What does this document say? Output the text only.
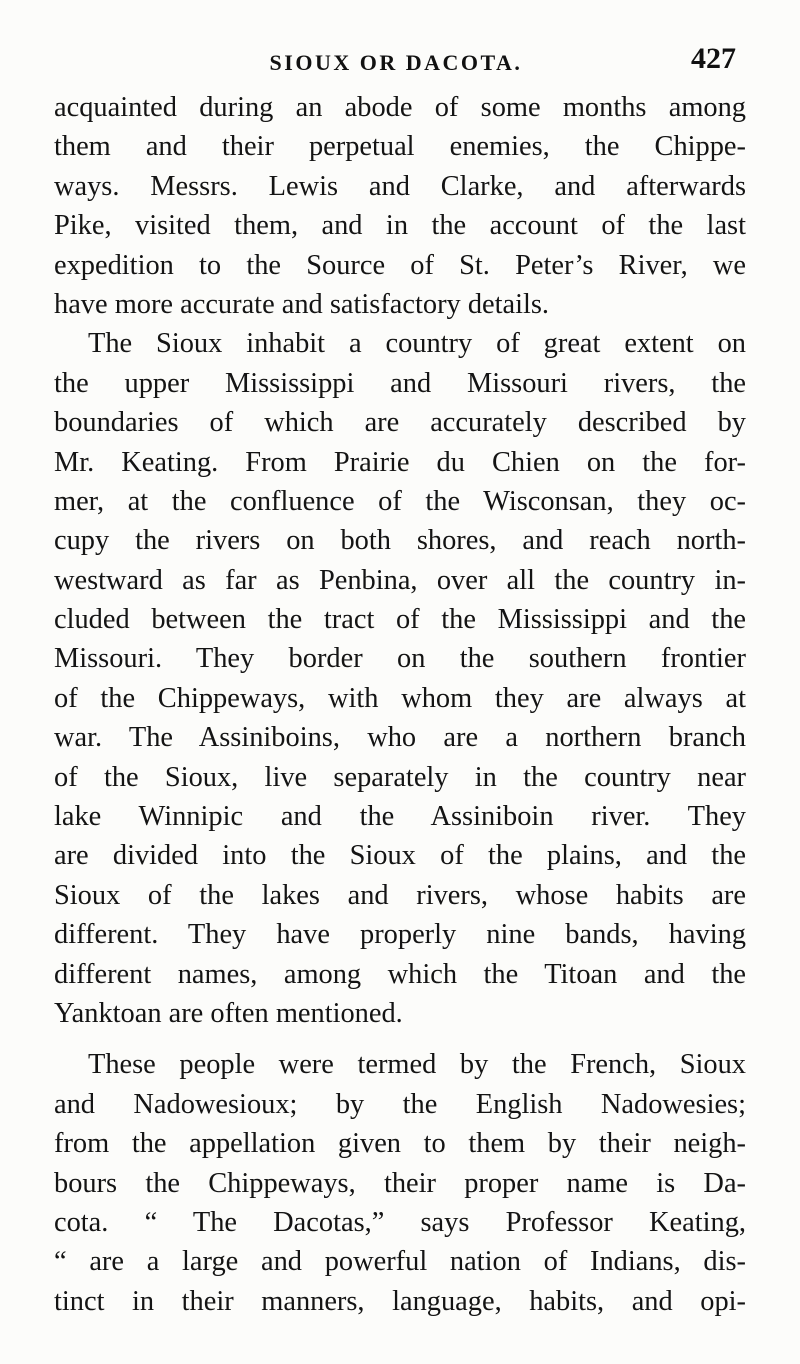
SIOUX OR DACOTA.	427
acquainted during an abode of some months among
them and their perpetual enemies, the Chippe-
ways. Messrs. Lewis and Clarke, and afterwards
Pike, visited them, and in the account of the last
expedition to the Source of St. Peter’s River, we
have more accurate and satisfactory details.
The Sioux inhabit a country of great extent on
the upper Mississippi and Missouri rivers, the
boundaries of which are accurately described by
Mr. Keating. From Prairie du Chien on the for-
mer, at the confluence of the Wisconsan, they oc-
cupy the rivers on both shores, and reach north-
westward as far as Penbina, over all the country in-
cluded between the tract of the Mississippi and the
Missouri. They border on the southern frontier
of the Chippeways, with whom they are always at
war. The Assiniboins, who are a northern branch
of the Sioux, live separately in the country near
lake Winnipic and the Assiniboin river. They
are divided into the Sioux of the plains, and the
Sioux of the lakes and rivers, whose habits are
different. They have properly nine bands, having
different names, among which the Titoan and the
Yanktoan are often mentioned.
These people were termed by the French, Sioux
and Nadowesioux; by the English Nadowesies;
from the appellation given to them by their neigh-
bours the Chippeways, their proper name is Da-
cota. “ The Dacotas,” says Professor Keating,
“ are a large and powerful nation of Indians, dis-
tinct in their manners, language, habits, and opi-
